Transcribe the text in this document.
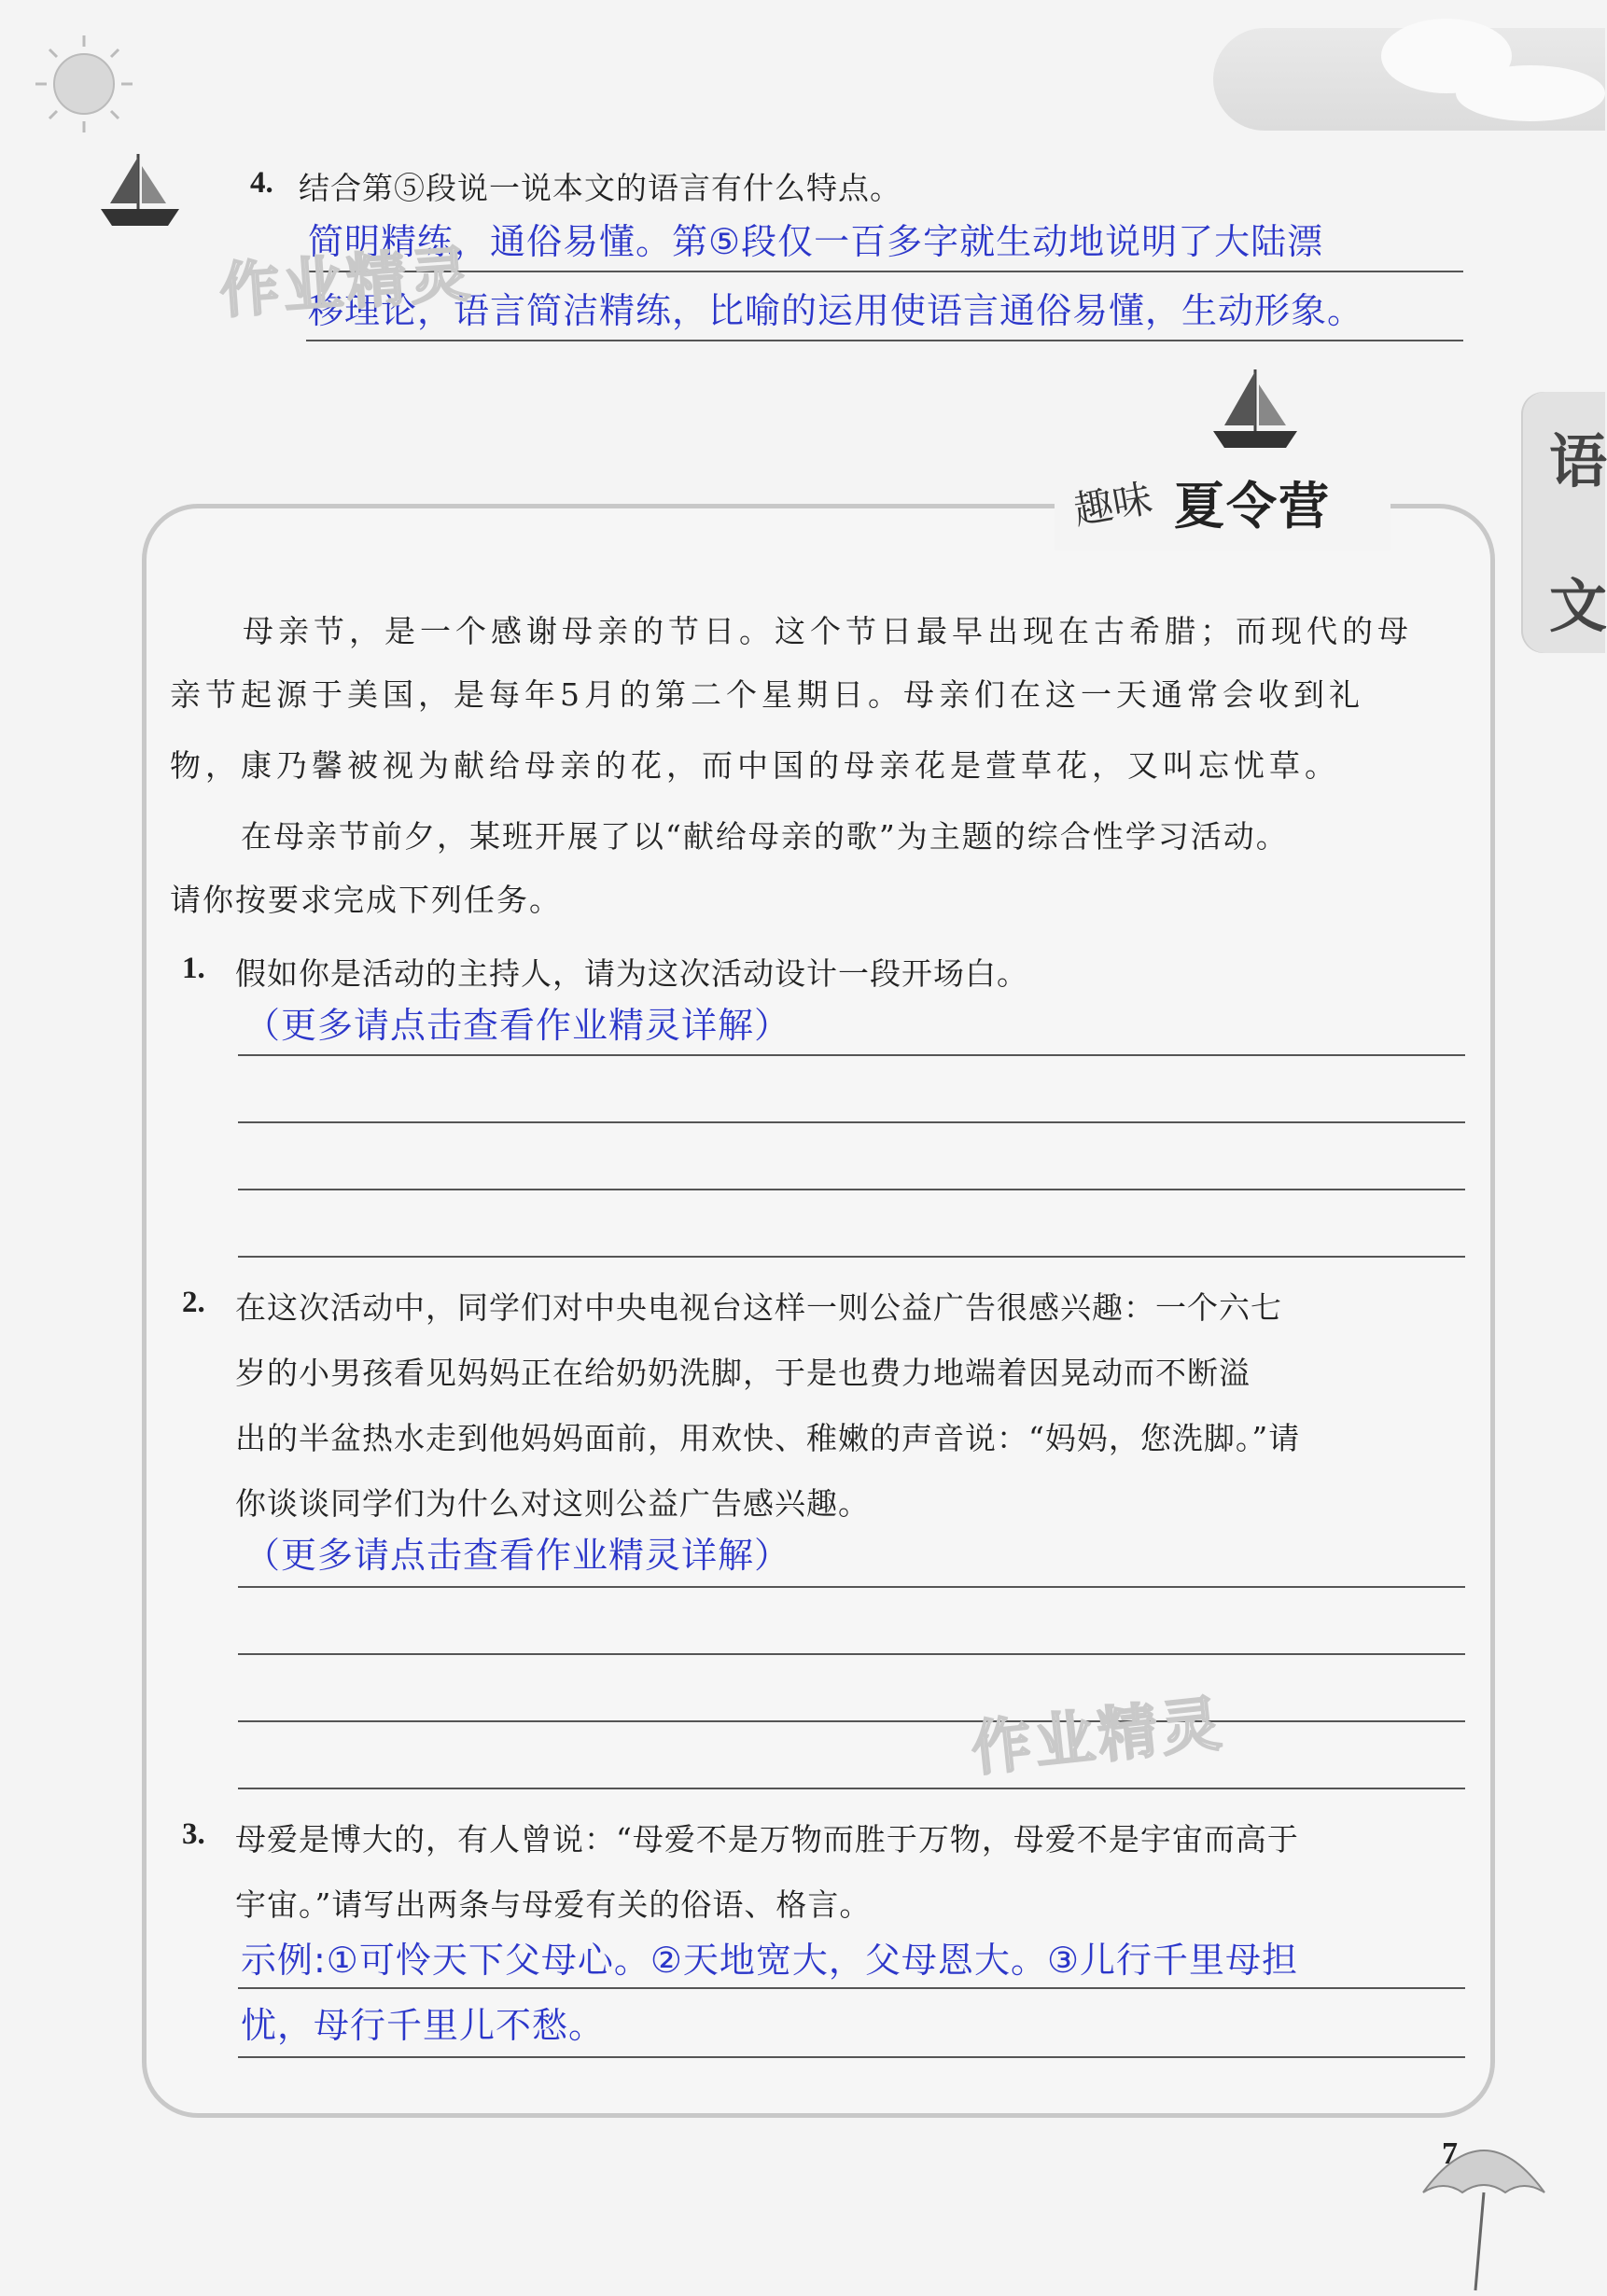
语
文
4. 结合第⑤段说一说本文的语言有什么特点。
简明精练，通俗易懂。第⑤段仅一百多字就生动地说明了大陆漂
移理论，语言简洁精练，比喻的运用使语言通俗易懂，生动形象。
作业精灵
趣味 夏令营
母亲节，是一个感谢母亲的节日。这个节日最早出现在古希腊；而现代的母
亲节起源于美国，是每年5月的第二个星期日。母亲们在这一天通常会收到礼
物，康乃馨被视为献给母亲的花，而中国的母亲花是萱草花，又叫忘忧草。
在母亲节前夕，某班开展了以“献给母亲的歌”为主题的综合性学习活动。
请你按要求完成下列任务。
1. 假如你是活动的主持人，请为这次活动设计一段开场白。
（更多请点击查看作业精灵详解）
2. 在这次活动中，同学们对中央电视台这样一则公益广告很感兴趣：一个六七
岁的小男孩看见妈妈正在给奶奶洗脚，于是也费力地端着因晃动而不断溢
出的半盆热水走到他妈妈面前，用欢快、稚嫩的声音说：“妈妈，您洗脚。”请
你谈谈同学们为什么对这则公益广告感兴趣。
（更多请点击查看作业精灵详解）
作业精灵
3. 母爱是博大的，有人曾说：“母爱不是万物而胜于万物，母爱不是宇宙而高于
宇宙。”请写出两条与母爱有关的俗语、格言。
示例:①可怜天下父母心。②天地宽大，父母恩大。③儿行千里母担
忧，母行千里儿不愁。
7
